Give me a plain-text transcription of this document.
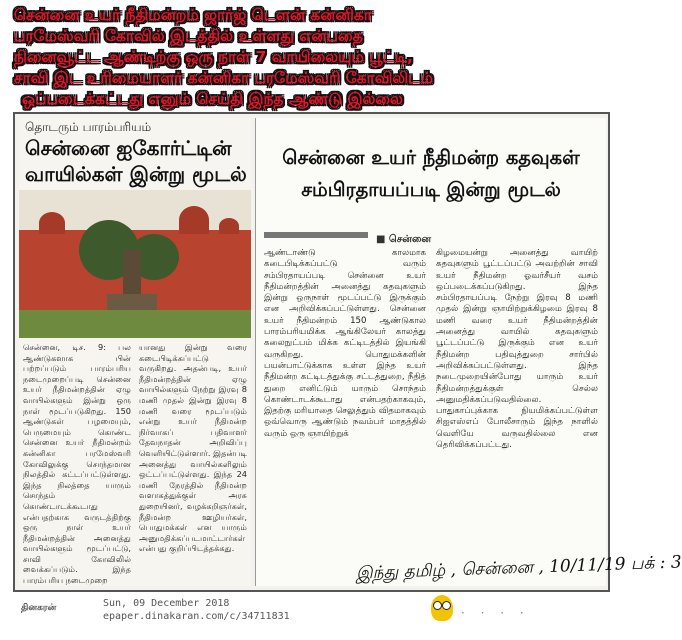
சென்னை உயர் நீதிமன்றம் ஜார்ஜ் டௌன் கன்னிகா
பரமேஸ்வரி கோவில் இடத்தில் உள்ளது என்பதை
நினைவூட்ட ஆண்டிற்கு ஒரு நாள் 7 வாயிலையும் பூட்டி,
சாவி இட உரிமையாளர் கன்னிகா பரமேஸ்வரி கோவிலிடம்
ஒப்படைக்கட்டது எனும் செய்தி இந்த ஆண்டு இல்லை
தொடரும் பாரம்பரியம்
சென்னை ஐகோர்ட்டின்
வாயில்கள் இன்று மூடல்
சென்னை, டிச. 9: பல ஆண்டுகளாக பின் பற்றப்படும் பாரம்பரிய நடைமுறைப்படி சென்னை உயர் நீதிமன்றத்தின் ஏழு வாயில்களும் இன்று ஒரு நாள் மூடப்படுகிறது. 150 ஆண்டுகள் பழமையும், பெருமையும் கொண்ட சென்னை உயர் நீதிமன்றம் கன்னிகா பரமேஸ்வரி கோவிலுக்கு சொந்தமான நிலத்தில் கட்டப்பட்டுள்ளது. இந்த நிலத்தை யாரும் சொந்தம் கொண்டாடக்கூடாது என்பதற்காக வருடத்திற்கு ஒரு நாள் உயர் நீதிமன்றத்தின் அனைத்து வாயில்களும் மூடப்பட்டு, சாவி கோவிலில் வைக்கப்படும். இந்த பாரம்பரிய நடைமுறை
யானது இன்று வரை கடைபிடிக்கப்பட்டு வருகிறது. அதன்படி, உயர் நீதிமன்றத்தின் ஏழு வாயில்களும் நேற்று இரவு 8 மணி முதல் இன்று இரவு 8 மணி வரை மூடப்படும் என்று உயர் நீதிமன்ற நிர்வாகப் பதிவாளர் தேவநாதன் அறிவிப்பு வெளியிட்டுள்ளார். இதன்படி அனைத்து வாயில்களிலும் ஒட்டப்பட்டுள்ளது. இந்த 24 மணி நேரத்தில் நீதிமன்ற வளாகத்துக்குள் அரசு துறையினர், வழக்கறிஞர்கள், நீதிமன்ற ஊழியர்கள், பொதுமக்கள் என யாரும் அனுமதிக்கப்படமாட்டார்கள் என்பது குறிப்பிடத்தக்கது.
சென்னை உயர் நீதிமன்ற கதவுகள்
சம்பிரதாயப்படி இன்று மூடல்
■ சென்னை
ஆண்டாண்டு காலமாக கடைபிடிக்கப்பட்டு வரும் சம்பிரதாயப்படி சென்னை உயர் நீதிமன்றத்தின் அனைத்து கதவுகளும் இன்று ஒருநாள் மூடப்பட்டு இருக்கும் என அறிவிக்கப்பட்டுள்ளது. சென்னை உயர் நீதிமன்றம் 150 ஆண்டுகால பாரம்பரியமிக்க ஆங்கிலேயர் காலத்து கலைநுட்பம் மிக்க கட்டிடத்தில் இயங்கி வருகிறது. பொதுமக்களின் பயன்பாட்டுக்காக உள்ள இந்த உயர் நீதிமன்ற கட்டிடத்துக்கு சட்டத்துறை, நீதித் துறை எனிட்டும் யாரும் சொந்தம் கொண்டாடக்கூடாது என்பதற்காகவும், இதற்கு மரியாதை செலுத்தும் விதமாகவும் ஒவ்வொரு ஆண்டும் நவம்பர் மாதத்தில் வரும் ஒரு ஞாயிற்றுக்
கிழமையன்று அனைத்து வாயிற் கதவுகளும் பூட்டப்பட்டு அவற்றின் சாவி உயர் நீதிமன்ற ஓவர்சீயர் வசம் ஒப்படைக்கப்படுகிறது. இந்த சம்பிரதாயப்படி நேற்று இரவு 8 மணி முதல் இன்று ஞாயிற்றுக்கிழமை இரவு 8 மணி வரை உயர் நீதிமன்றத்தின் அனைத்து வாயில் கதவுகளும் பூட்டப்பட்டு இருக்கும் என உயர் நீதிமன்ற பதிவுத்துறை சார்பில் அறிவிக்கப்பட்டுள்ளது. இந்த நடைமுறையின்போது யாரும் உயர் நீதிமன்றத்துக்குள் செல்ல அனுமதிக்கப்படுவதில்லை. பாதுகாப்புக்காக நியமிக்கப்பட்டுள்ள சிஐஎஸ்எப் போலீசாரும் இந்த நாளில் வெளியே வருவதில்லை என தெரிவிக்கப்பட்டது.
இந்து தமிழ் , சென்னை , 10/11/19 பக் : 3
தினகரன்	Sun, 09 December 2018
epaper.dinakaran.com/c/34711831	· · · ·
